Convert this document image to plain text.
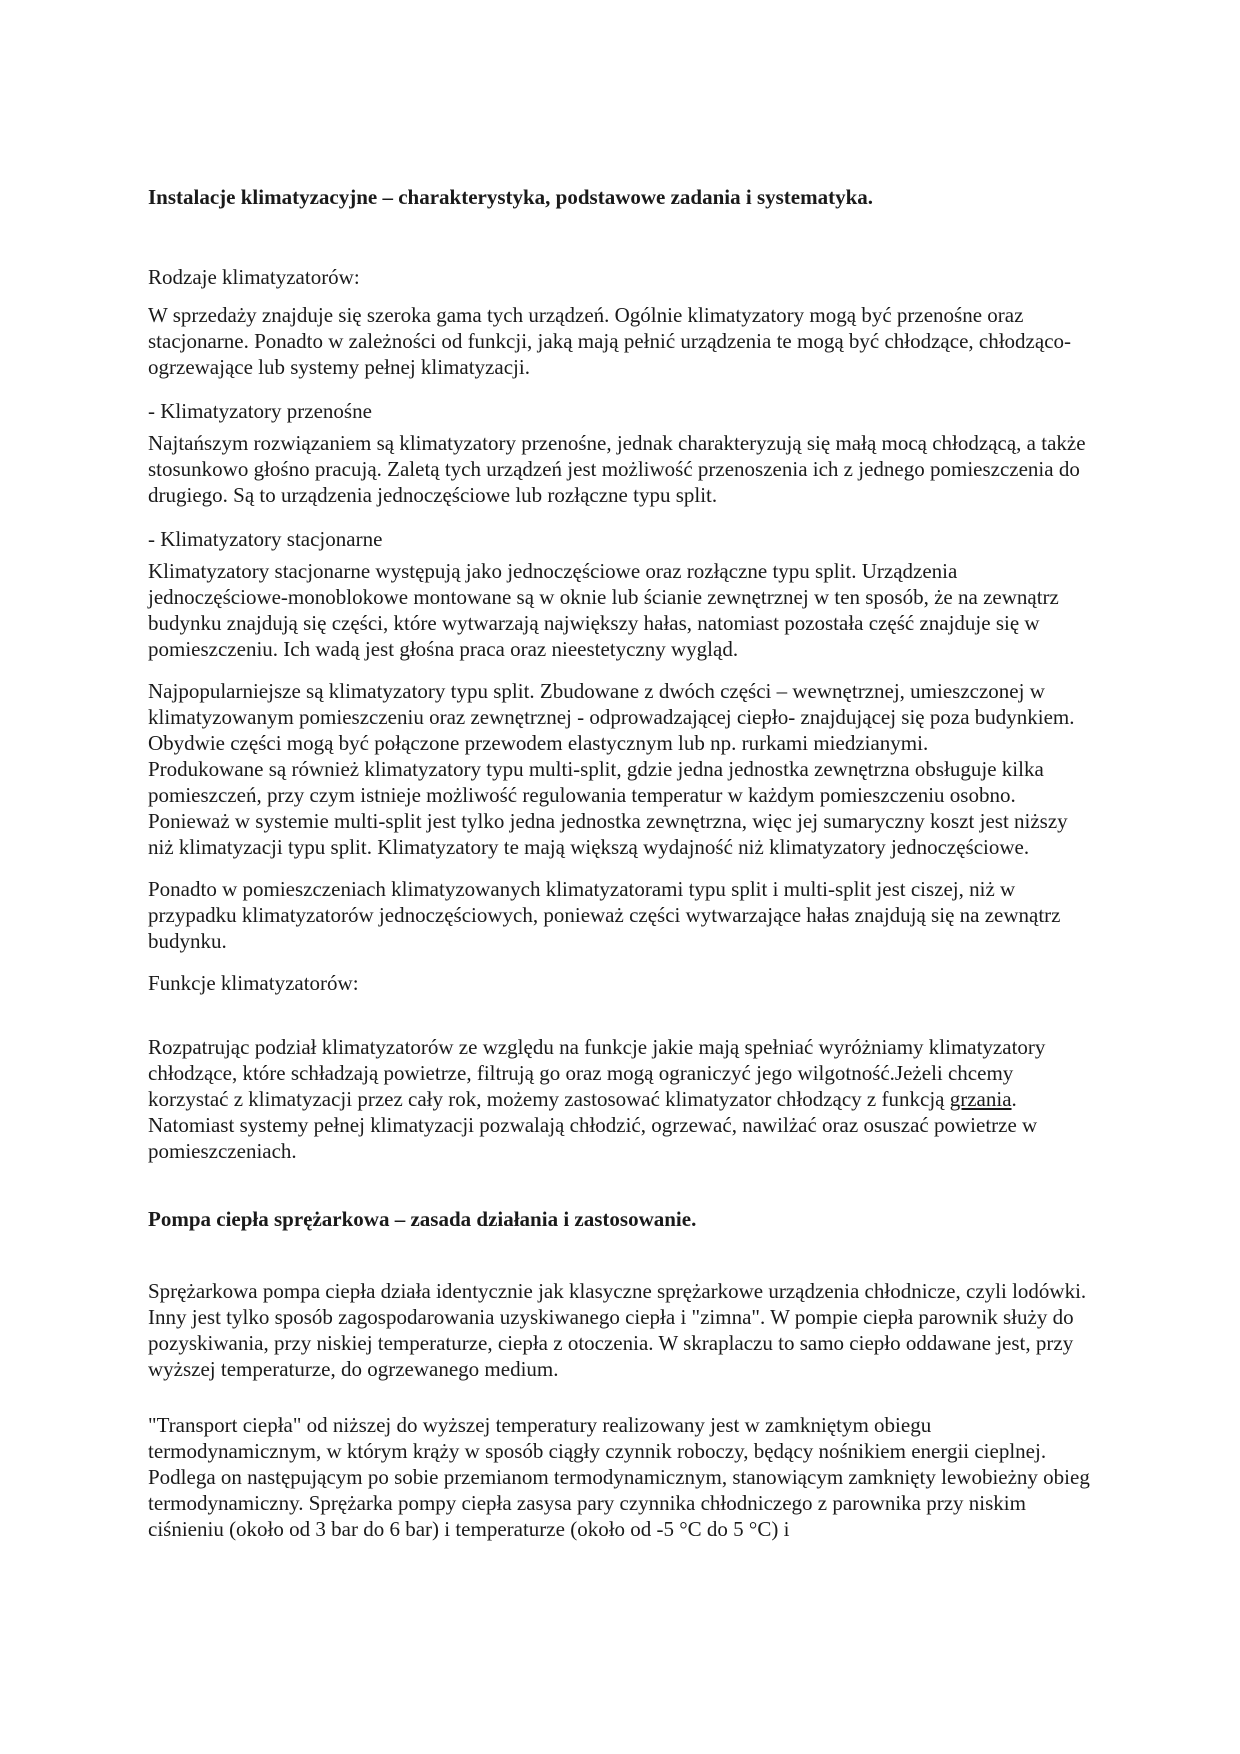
Instalacje klimatyzacyjne – charakterystyka, podstawowe zadania i systematyka.

Rodzaje klimatyzatorów:

W sprzedaży znajduje się szeroka gama tych urządzeń. Ogólnie klimatyzatory mogą być przenośne oraz stacjonarne. Ponadto w zależności od funkcji, jaką mają pełnić urządzenia te mogą być chłodzące, chłodząco-ogrzewające lub systemy pełnej klimatyzacji.

- Klimatyzatory przenośne

Najtańszym rozwiązaniem są klimatyzatory przenośne, jednak charakteryzują się małą mocą chłodzącą, a także stosunkowo głośno pracują. Zaletą tych urządzeń jest możliwość przenoszenia ich z jednego pomieszczenia do drugiego. Są to urządzenia jednoczęściowe lub rozłączne typu split.

- Klimatyzatory stacjonarne

Klimatyzatory stacjonarne występują jako jednoczęściowe oraz rozłączne typu split. Urządzenia jednoczęściowe-monoblokowe montowane są w oknie lub ścianie zewnętrznej w ten sposób, że na zewnątrz budynku znajdują się części, które wytwarzają największy hałas, natomiast pozostała część znajduje się w pomieszczeniu. Ich wadą jest głośna praca oraz nieestetyczny wygląd.

Najpopularniejsze są klimatyzatory typu split. Zbudowane z dwóch części – wewnętrznej, umieszczonej w klimatyzowanym pomieszczeniu oraz zewnętrznej - odprowadzającej ciepło- znajdującej się poza budynkiem. Obydwie części mogą być połączone przewodem elastycznym lub np. rurkami miedzianymi.

Produkowane są również klimatyzatory typu multi-split, gdzie jedna jednostka zewnętrzna obsługuje kilka pomieszczeń, przy czym istnieje możliwość regulowania temperatur w każdym pomieszczeniu osobno. Ponieważ w systemie multi-split jest tylko jedna jednostka zewnętrzna, więc jej sumaryczny koszt jest niższy niż klimatyzacji typu split. Klimatyzatory te mają większą wydajność niż klimatyzatory jednoczęściowe.

Ponadto w pomieszczeniach klimatyzowanych klimatyzatorami typu split i multi-split jest ciszej, niż w przypadku klimatyzatorów jednoczęściowych, ponieważ części wytwarzające hałas znajdują się na zewnątrz budynku.

Funkcje klimatyzatorów:

Rozpatrując podział klimatyzatorów ze względu na funkcje jakie mają spełniać wyróżniamy klimatyzatory chłodzące, które schładzają powietrze, filtrują go oraz mogą ograniczyć jego wilgotność.Jeżeli chcemy korzystać z klimatyzacji przez cały rok, możemy zastosować klimatyzator chłodzący z funkcją grzania. Natomiast systemy pełnej klimatyzacji pozwalają chłodzić, ogrzewać, nawilżać oraz osuszać powietrze w pomieszczeniach.

Pompa ciepła sprężarkowa – zasada działania i zastosowanie.

Sprężarkowa pompa ciepła działa identycznie jak klasyczne sprężarkowe urządzenia chłodnicze, czyli lodówki. Inny jest tylko sposób zagospodarowania uzyskiwanego ciepła i "zimna". W pompie ciepła parownik służy do pozyskiwania, przy niskiej temperaturze, ciepła z otoczenia. W skraplaczu to samo ciepło oddawane jest, przy wyższej temperaturze, do ogrzewanego medium.

"Transport ciepła" od niższej do wyższej temperatury realizowany jest w zamkniętym obiegu termodynamicznym, w którym krąży w sposób ciągły czynnik roboczy, będący nośnikiem energii cieplnej. Podlega on następującym po sobie przemianom termodynamicznym, stanowiącym zamknięty lewobieżny obieg termodynamiczny. Sprężarka pompy ciepła zasysa pary czynnika chłodniczego z parownika przy niskim ciśnieniu (około od 3 bar do 6 bar) i temperaturze (około od -5 °C do 5 °C) i
